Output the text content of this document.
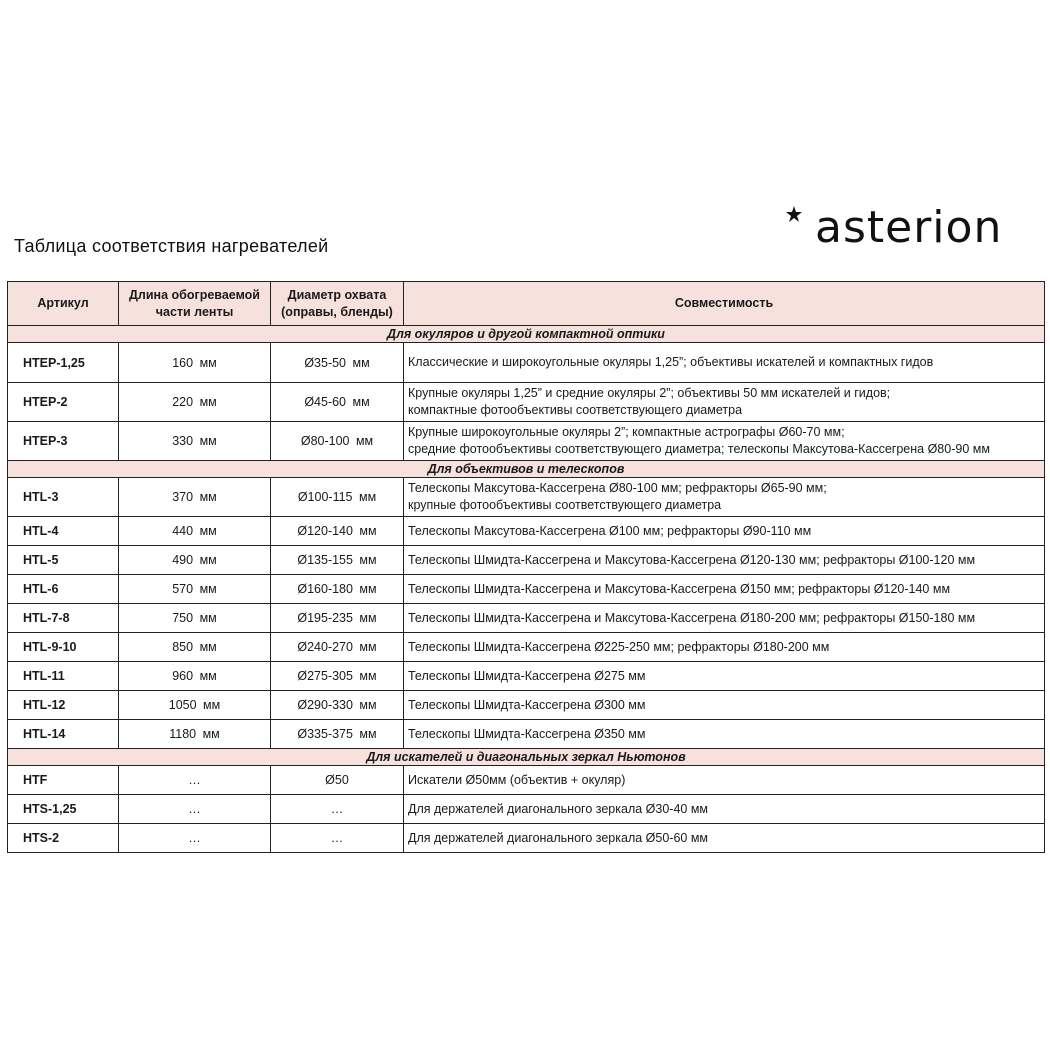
Таблица соответствия нагревателей	asterion
Артикул	Длина обогреваемой части ленты	Диаметр охвата (оправы, бленды)	Совместимость
Для окуляров и другой компактной оптики			
HTEP-1,25	160 мм	Ø35-50 мм	Классические и широкоугольные окуляры 1,25”; объективы искателей и компактных гидов
HTEP-2	220 мм	Ø45-60 мм	Крупные окуляры 1,25” и средние окуляры 2”; объективы 50 мм искателей и гидов;
компактные фотообъективы соответствующего диаметра

HTEP-3	330 мм	Ø80-100 мм	Крупные широкоугольные окуляры 2”; компактные астрографы Ø60-70 мм;
средние фотообъективы соответствующего диаметра; телескопы Максутова-Кассегрена Ø80-90 мм

Для объективов и телескопов			
HTL-3	370 мм	Ø100-115 мм	Телескопы Максутова-Кассегрена Ø80-100 мм; рефракторы Ø65-90 мм;
крупные фотообъективы соответствующего диаметра

HTL-4	440 мм	Ø120-140 мм	Телескопы Максутова-Кассегрена Ø100 мм; рефракторы Ø90-110 мм
HTL-5	490 мм	Ø135-155 мм	Телескопы Шмидта-Кассегрена и Максутова-Кассегрена Ø120-130 мм; рефракторы Ø100-120 мм
HTL-6	570 мм	Ø160-180 мм	Телескопы Шмидта-Кассегрена и Максутова-Кассегрена Ø150 мм; рефракторы Ø120-140 мм
HTL-7-8	750 мм	Ø195-235 мм	Телескопы Шмидта-Кассегрена и Максутова-Кассегрена Ø180-200 мм; рефракторы Ø150-180 мм
HTL-9-10	850 мм	Ø240-270 мм	Телескопы Шмидта-Кассегрена Ø225-250 мм; рефракторы Ø180-200 мм
HTL-11	960 мм	Ø275-305 мм	Телескопы Шмидта-Кассегрена Ø275 мм
HTL-12	1050 мм	Ø290-330 мм	Телескопы Шмидта-Кассегрена Ø300 мм
HTL-14	1180 мм	Ø335-375 мм	Телескопы Шмидта-Кассегрена Ø350 мм
Для искателей и диагональных зеркал Ньютонов			
HTF	…	Ø50	Искатели Ø50мм (объектив + окуляр)
HTS-1,25	…	…	Для держателей диагонального зеркала Ø30-40 мм
HTS-2	…	…	Для держателей диагонального зеркала Ø50-60 мм
